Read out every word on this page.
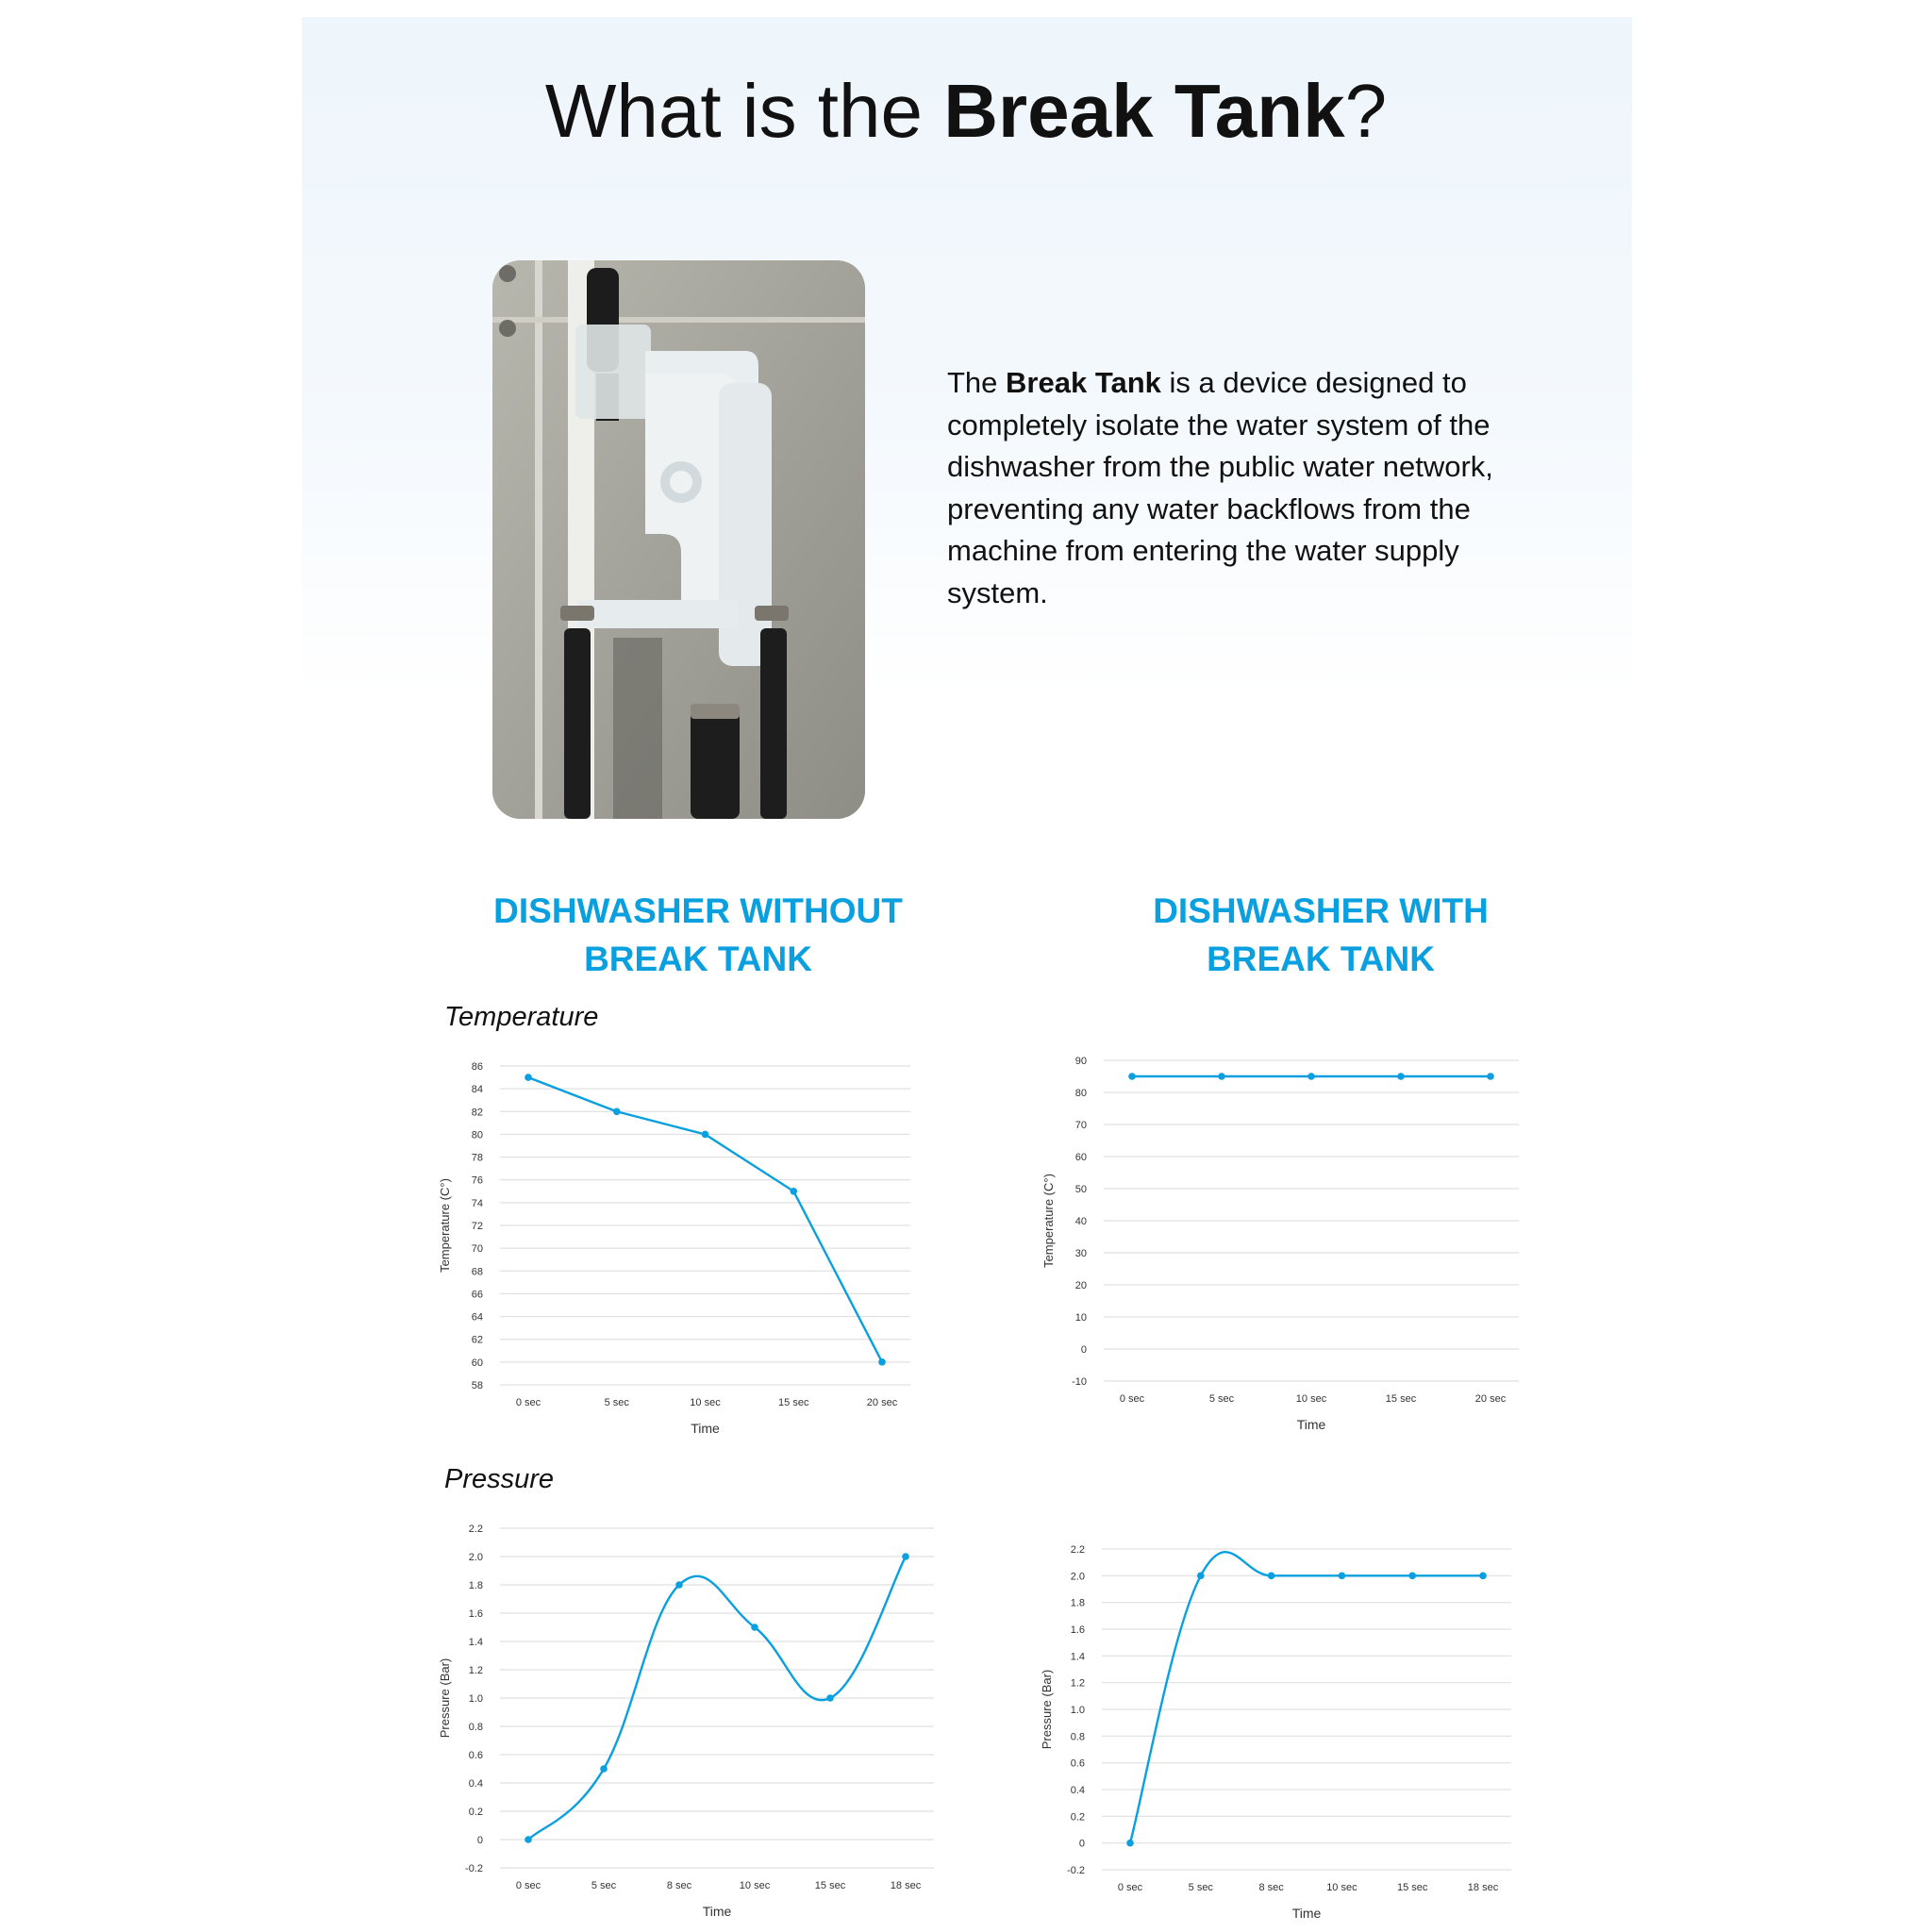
What is the Break Tank?

The Break Tank is a device designed to completely isolate the water system of the dishwasher from the public water network, preventing any water backflows from the machine from entering the water supply system.

DISHWASHER WITHOUT
BREAK TANK
DISHWASHER WITH
BREAK TANK

Temperature

Pressure

58
60
62
64
66
68
70
72
74
76
78
80
82
84
86
0 sec	5 sec	10 sec	15 sec	20 sec
Time
Temperature (C°)
-10
0
10
20
30
40
50
60
70
80
90
0 sec	5 sec	10 sec	15 sec	20 sec
Time
Temperature (C°)
-0.2
0
0.2
0.4
0.6
0.8
1.0
1.2
1.4
1.6
1.8
2.0
2.2
0 sec	5 sec	8 sec	10 sec	15 sec	18 sec
Time
Pressure (Bar)
-0.2
0
0.2
0.4
0.6
0.8
1.0
1.2
1.4
1.6
1.8
2.0
2.2
0 sec	5 sec	8 sec	10 sec	15 sec	18 sec
Time
Pressure (Bar)
